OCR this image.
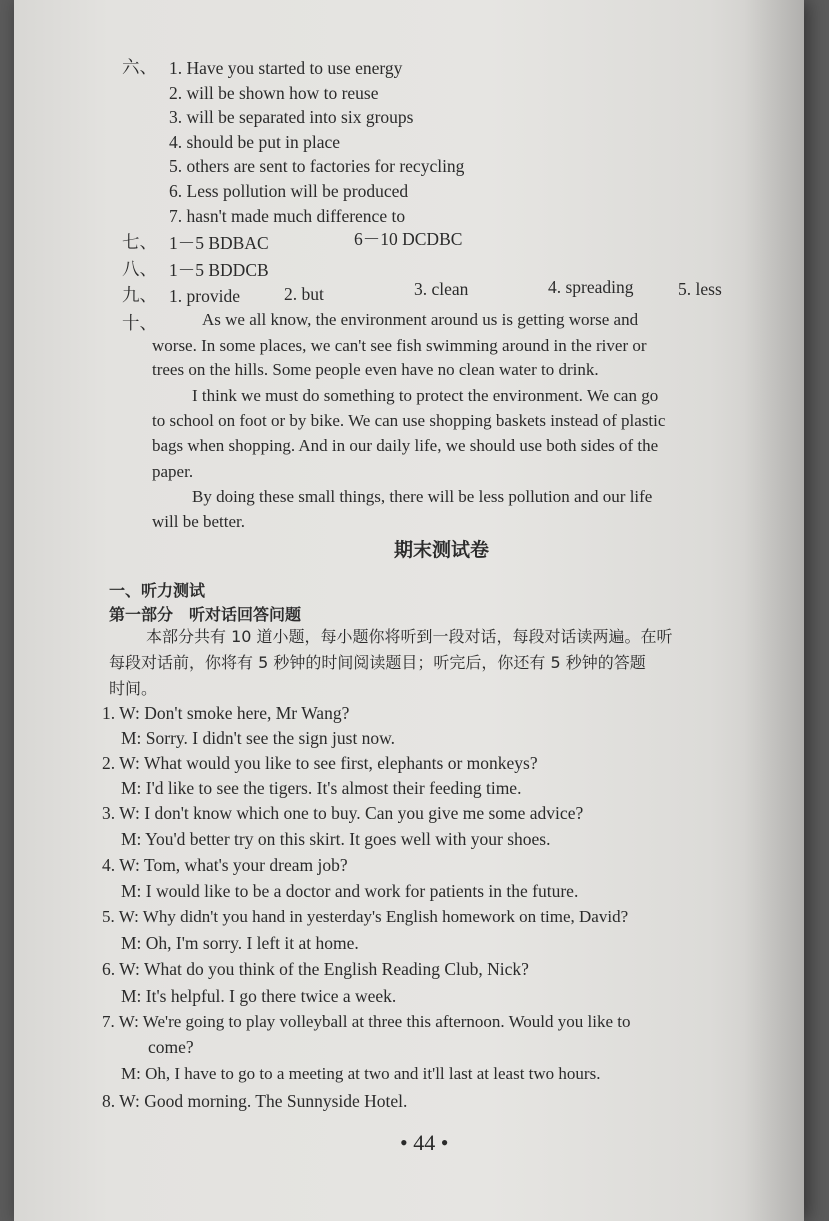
六、 1. Have you started to use energy
2. will be shown how to reuse
3. will be separated into six groups
4. should be put in place
5. others are sent to factories for recycling
6. Less pollution will be produced
7. hasn't made much difference to
七、 1－5 BDBAC	6－10 DCDBC
八、 1－5 BDDCB
九、 1. provide	2. but	3. clean	4. spreading	5. less
十、	As we all know, the environment around us is getting worse and
worse. In some places, we can't see fish swimming around in the river or
trees on the hills. Some people even have no clean water to drink.
I think we must do something to protect the environment. We can go
to school on foot or by bike. We can use shopping baskets instead of plastic
bags when shopping. And in our daily life, we should use both sides of the
paper.
By doing these small things, there will be less pollution and our life
will be better.
期末测试卷
一、听力测试
第一部分　听对话回答问题
本部分共有 10 道小题，每小题你将听到一段对话，每段对话读两遍。在听
每段对话前，你将有 5 秒钟的时间阅读题目；听完后，你还有 5 秒钟的答题
时间。
1. W: Don't smoke here, Mr Wang?
M: Sorry. I didn't see the sign just now.
2. W: What would you like to see first, elephants or monkeys?
M: I'd like to see the tigers. It's almost their feeding time.
3. W: I don't know which one to buy. Can you give me some advice?
M: You'd better try on this skirt. It goes well with your shoes.
4. W: Tom, what's your dream job?
M: I would like to be a doctor and work for patients in the future.
5. W: Why didn't you hand in yesterday's English homework on time, David?
M: Oh, I'm sorry. I left it at home.
6. W: What do you think of the English Reading Club, Nick?
M: It's helpful. I go there twice a week.
7. W: We're going to play volleyball at three this afternoon. Would you like to
come?
M: Oh, I have to go to a meeting at two and it'll last at least two hours.
8. W: Good morning. The Sunnyside Hotel.
• 44 •
